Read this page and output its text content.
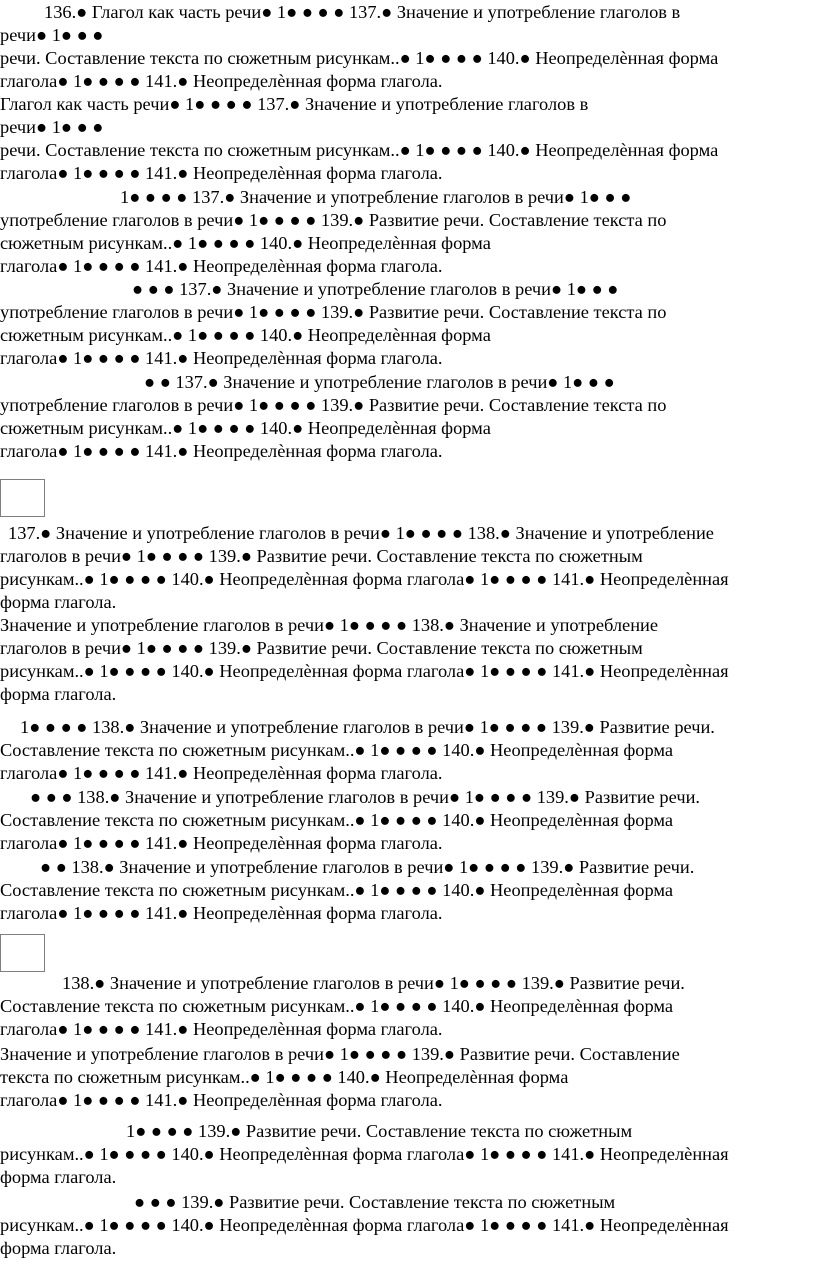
136.● Глагол как часть речи● 1● ● ● ● 137.● Значение и употребление глаголов в
речи● 1● ● ●
речи. Составление текста по сюжетным рисункам..● 1● ● ● ● 140.● Неопределѐнная форма
глагола● 1● ● ● ● 141.● Неопределѐнная форма глагола.
Глагол как часть речи● 1● ● ● ● 137.● Значение и употребление глаголов в
речи● 1● ● ●
речи. Составление текста по сюжетным рисункам..● 1● ● ● ● 140.● Неопределѐнная форма
глагола● 1● ● ● ● 141.● Неопределѐнная форма глагола.
1● ● ● ● 137.● Значение и употребление глаголов в речи● 1● ● ●
употребление глаголов в речи● 1● ● ● ● 139.● Развитие речи. Составление текста по
сюжетным рисункам..● 1● ● ● ● 140.● Неопределѐнная форма
глагола● 1● ● ● ● 141.● Неопределѐнная форма глагола.
● ● ● 137.● Значение и употребление глаголов в речи● 1● ● ●
употребление глаголов в речи● 1● ● ● ● 139.● Развитие речи. Составление текста по
сюжетным рисункам..● 1● ● ● ● 140.● Неопределѐнная форма
глагола● 1● ● ● ● 141.● Неопределѐнная форма глагола.
● ● 137.● Значение и употребление глаголов в речи● 1● ● ●
употребление глаголов в речи● 1● ● ● ● 139.● Развитие речи. Составление текста по
сюжетным рисункам..● 1● ● ● ● 140.● Неопределѐнная форма
глагола● 1● ● ● ● 141.● Неопределѐнная форма глагола.
137.● Значение и употребление глаголов в речи● 1● ● ● ● 138.● Значение и употребление
глаголов в речи● 1● ● ● ● 139.● Развитие речи. Составление текста по сюжетным
рисункам..● 1● ● ● ● 140.● Неопределѐнная форма глагола● 1● ● ● ● 141.● Неопределѐнная
форма глагола.
Значение и употребление глаголов в речи● 1● ● ● ● 138.● Значение и употребление
глаголов в речи● 1● ● ● ● 139.● Развитие речи. Составление текста по сюжетным
рисункам..● 1● ● ● ● 140.● Неопределѐнная форма глагола● 1● ● ● ● 141.● Неопределѐнная
форма глагола.
1● ● ● ● 138.● Значение и употребление глаголов в речи● 1● ● ● ● 139.● Развитие речи.
Составление текста по сюжетным рисункам..● 1● ● ● ● 140.● Неопределѐнная форма
глагола● 1● ● ● ● 141.● Неопределѐнная форма глагола.
● ● ● 138.● Значение и употребление глаголов в речи● 1● ● ● ● 139.● Развитие речи.
Составление текста по сюжетным рисункам..● 1● ● ● ● 140.● Неопределѐнная форма
глагола● 1● ● ● ● 141.● Неопределѐнная форма глагола.
● ● 138.● Значение и употребление глаголов в речи● 1● ● ● ● 139.● Развитие речи.
Составление текста по сюжетным рисункам..● 1● ● ● ● 140.● Неопределѐнная форма
глагола● 1● ● ● ● 141.● Неопределѐнная форма глагола.
138.● Значение и употребление глаголов в речи● 1● ● ● ● 139.● Развитие речи.
Составление текста по сюжетным рисункам..● 1● ● ● ● 140.● Неопределѐнная форма
глагола● 1● ● ● ● 141.● Неопределѐнная форма глагола.
Значение и употребление глаголов в речи● 1● ● ● ● 139.● Развитие речи. Составление
текста по сюжетным рисункам..● 1● ● ● ● 140.● Неопределѐнная форма
глагола● 1● ● ● ● 141.● Неопределѐнная форма глагола.
1● ● ● ● 139.● Развитие речи. Составление текста по сюжетным
рисункам..● 1● ● ● ● 140.● Неопределѐнная форма глагола● 1● ● ● ● 141.● Неопределѐнная
форма глагола.
● ● ● 139.● Развитие речи. Составление текста по сюжетным
рисункам..● 1● ● ● ● 140.● Неопределѐнная форма глагола● 1● ● ● ● 141.● Неопределѐнная
форма глагола.
